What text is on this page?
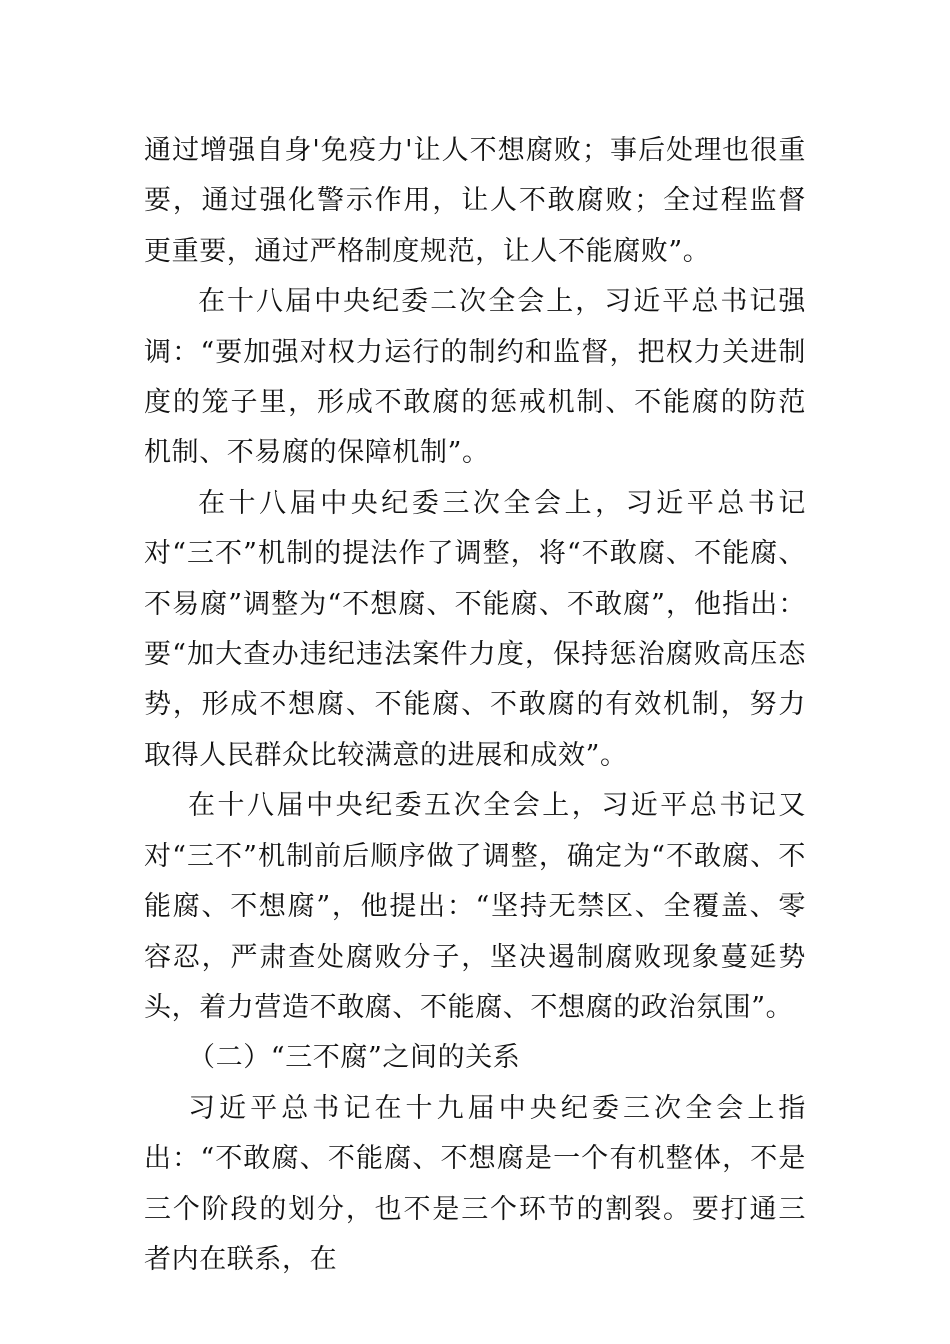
通过增强自身'免疫力'让人不想腐败；事后处理也很重要，通过强化警示作用，让人不敢腐败；全过程监督更重要，通过严格制度规范，让人不能腐败”。

在十八届中央纪委二次全会上，习近平总书记强调：“要加强对权力运行的制约和监督，把权力关进制度的笼子里，形成不敢腐的惩戒机制、不能腐的防范机制、不易腐的保障机制”。

在十八届中央纪委三次全会上，习近平总书记对“三不”机制的提法作了调整，将“不敢腐、不能腐、不易腐”调整为“不想腐、不能腐、不敢腐”，他指出：要“加大查办违纪违法案件力度，保持惩治腐败高压态势，形成不想腐、不能腐、不敢腐的有效机制，努力取得人民群众比较满意的进展和成效”。

在十八届中央纪委五次全会上，习近平总书记又对“三不”机制前后顺序做了调整，确定为“不敢腐、不能腐、不想腐”，他提出：“坚持无禁区、全覆盖、零容忍，严肃查处腐败分子，坚决遏制腐败现象蔓延势头，着力营造不敢腐、不能腐、不想腐的政治氛围”。

（二）“三不腐”之间的关系

习近平总书记在十九届中央纪委三次全会上指出：“不敢腐、不能腐、不想腐是一个有机整体，不是三个阶段的划分，也不是三个环节的割裂。要打通三者内在联系，在
